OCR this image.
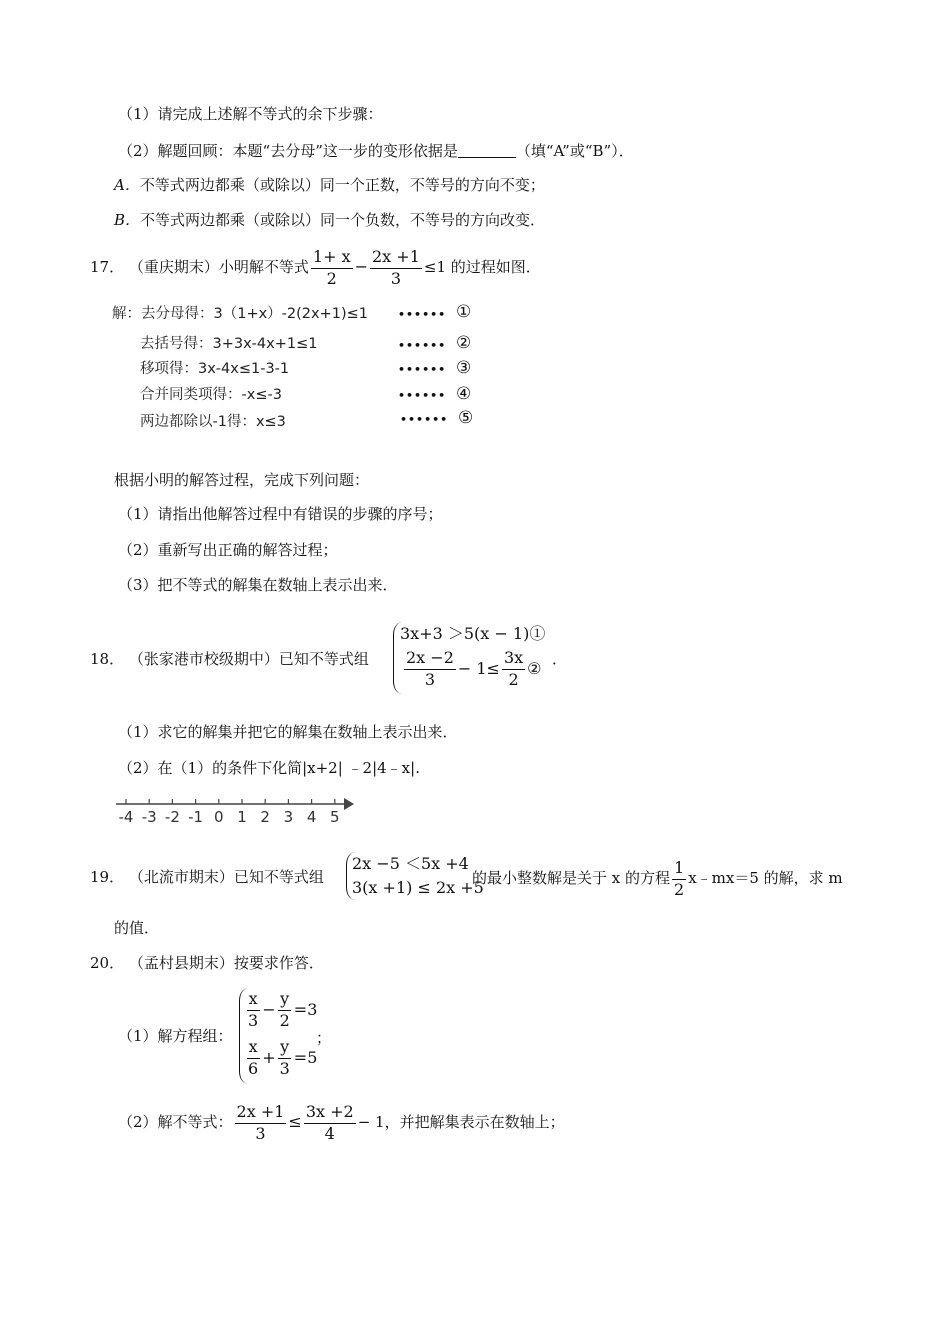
（1）请完成上述解不等式的余下步骤：
（2）解题回顾：本题“去分母”这一步的变形依据是	（填“A”或“B”）．
A．不等式两边都乘（或除以）同一个正数，不等号的方向不变；
B．不等式两边都乘（或除以）同一个负数，不等号的方向改变．
17． （重庆期末）小明解不等式 $\frac{1+ x}{2} - \frac{2x +1}{3} \le 1$ 的过程如图．
解：去分母得：3（1+x）-2(2x+1)≤1	•••••• ①
去括号得：3+3x-4x+1≤1	•••••• ②
移项得：3x-4x≤1-3-1	•••••• ③
合并同类项得：-x≤-3	•••••• ④
两边都除以-1得：x≤3	•••••• ⑤
根据小明的解答过程，完成下列问题：
（1）请指出他解答过程中有错误的步骤的序号；
（2）重新写出正确的解答过程；
（3）把不等式的解集在数轴上表示出来．
18． （张家港市校级期中）已知不等式组
3x+3 ＞5(x − 1)①
$\frac{2x -2}{3} - 1\le \frac{3x}{2}$ ② ．
（1）求它的解集并把它的解集在数轴上表示出来．
（2）在（1）的条件下化简|x+2| ﹣2|4﹣x|.
-4 -3 -2 -1 0 1 2 3 4 5
19． （北流市期末）已知不等式组
2x −5 ＜5x +4
3(x +1) ≤ 2x +5
的最小整数解是关于 x 的方程 $\frac{1}{2}$ x﹣mx＝5 的解，求 m
的值．
20． （孟村县期末）按要求作答．
（1）解方程组：
$\frac{x}{3} - \frac{y}{2} =3$
$\frac{x}{6} + \frac{y}{3} =5$
；
（2）解不等式： $\frac{2x +1}{3} \le \frac{3x +2}{4} - 1$，并把解集表示在数轴上；
